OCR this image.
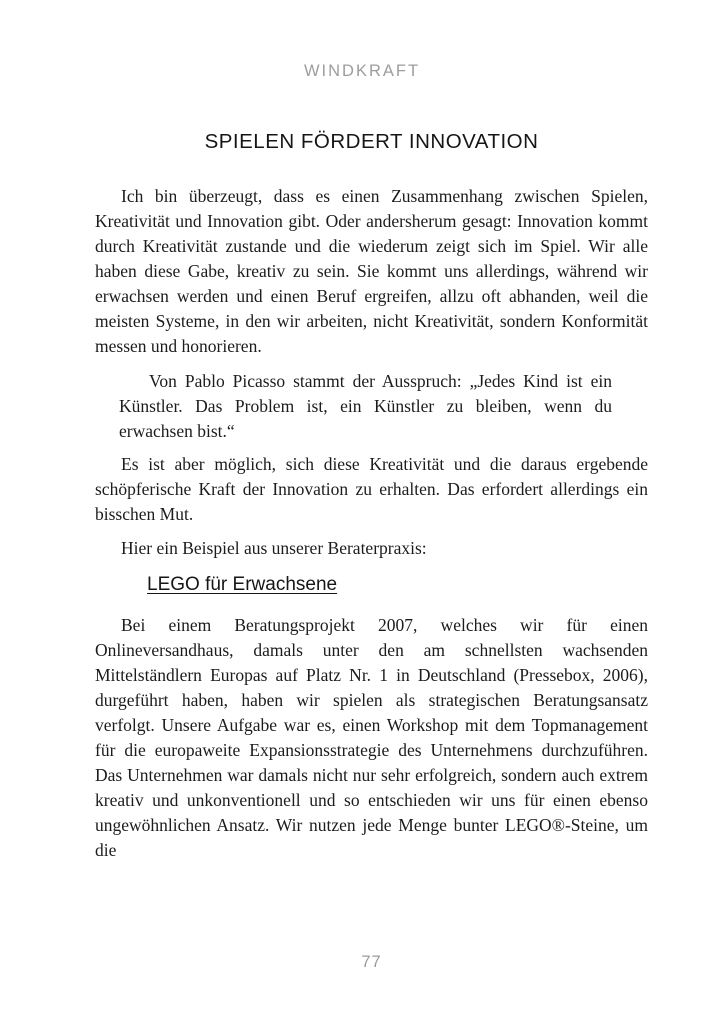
WINDKRAFT
SPIELEN FÖRDERT INNOVATION

Ich bin überzeugt, dass es einen Zusammenhang zwischen Spielen, Kreativität und Innovation gibt. Oder andersherum gesagt: Innovation kommt durch Kreativität zustande und die wiederum zeigt sich im Spiel. Wir alle haben diese Gabe, kreativ zu sein. Sie kommt uns allerdings, während wir erwachsen werden und einen Beruf ergreifen, allzu oft abhanden, weil die meisten Systeme, in den wir arbeiten, nicht Kreativität, sondern Konformität messen und honorieren.

Von Pablo Picasso stammt der Ausspruch: „Jedes Kind ist ein Künstler. Das Problem ist, ein Künstler zu bleiben, wenn du erwachsen bist.“

Es ist aber möglich, sich diese Kreativität und die daraus ergebende schöpferische Kraft der Innovation zu erhalten. Das erfordert allerdings ein bisschen Mut.

Hier ein Beispiel aus unserer Beraterpraxis:

LEGO für Erwachsene

Bei einem Beratungsprojekt 2007, welches wir für einen Onlineversandhaus, damals unter den am schnellsten wachsenden Mittelständlern Europas auf Platz Nr. 1 in Deutschland (Pressebox, 2006), durgeführt haben, haben wir spielen als strategischen Beratungsansatz verfolgt. Unsere Aufgabe war es, einen Workshop mit dem Topmanagement für die europaweite Expansionsstrategie des Unternehmens durchzuführen. Das Unternehmen war damals nicht nur sehr erfolgreich, sondern auch extrem kreativ und unkonventionell und so entschieden wir uns für einen ebenso ungewöhnlichen Ansatz. Wir nutzen jede Menge bunter LEGO®-Steine, um die

77
